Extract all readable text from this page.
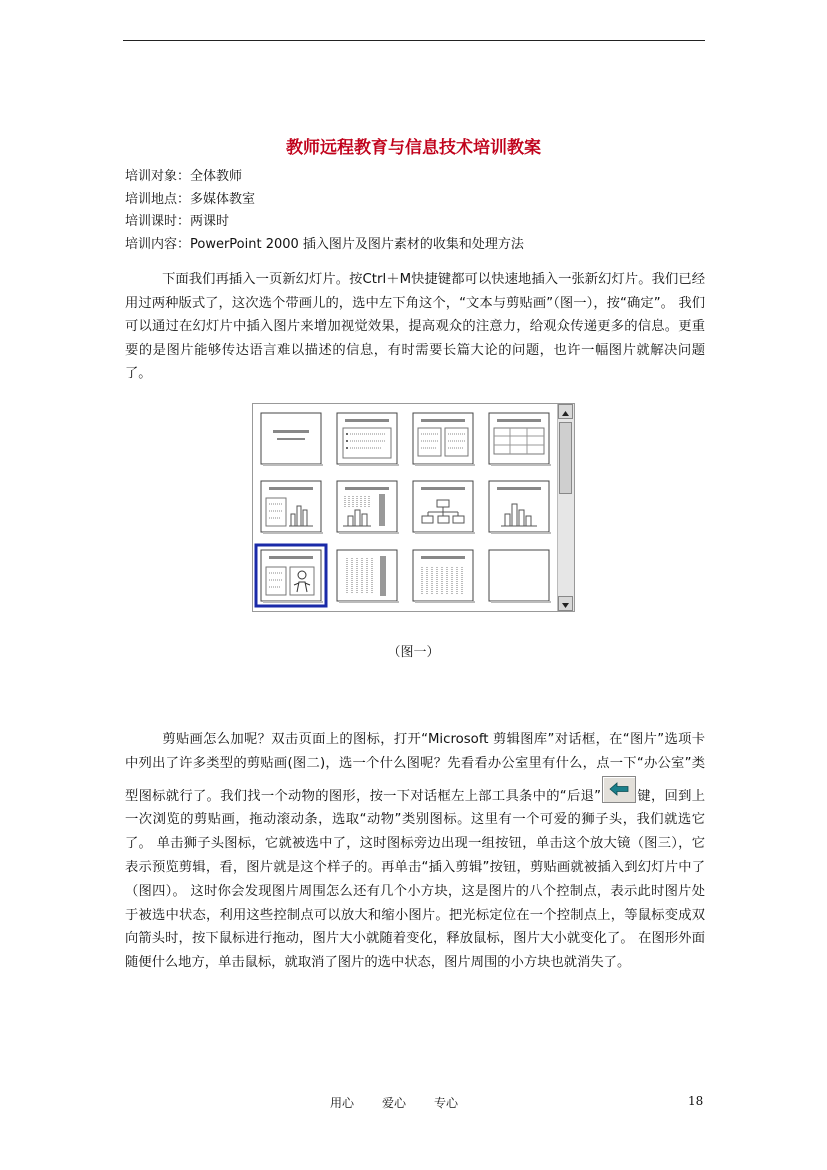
教师远程教育与信息技术培训教案
培训对象：全体教师
培训地点：多媒体教室
培训课时：两课时
培训内容：PowerPoint 2000 插入图片及图片素材的收集和处理方法
下面我们再插入一页新幻灯片。按Ctrl＋M快捷键都可以快速地插入一张新幻灯片。我们已经用过两种版式了，这次选个带画儿的，选中左下角这个，“文本与剪贴画”（图一），按“确定”。 我们可以通过在幻灯片中插入图片来增加视觉效果，提高观众的注意力，给观众传递更多的信息。更重要的是图片能够传达语言难以描述的信息，有时需要长篇大论的问题，也许一幅图片就解决问题了。
（图一）
剪贴画怎么加呢？双击页面上的图标，打开“Microsoft 剪辑图库”对话框，在“图片”选项卡中列出了许多类型的剪贴画(图二)，选一个什么图呢？先看看办公室里有什么，点一下“办公室”类型图标就行了。我们找一个动物的图形，按一下对话框左上部工具条中的“后退”	键，回到上一次浏览的剪贴画，拖动滚动条，选取“动物”类别图标。这里有一个可爱的狮子头，我们就选它了。 单击狮子头图标，它就被选中了，这时图标旁边出现一组按钮，单击这个放大镜（图三），它表示预览剪辑，看，图片就是这个样子的。再单击“插入剪辑”按钮，剪贴画就被插入到幻灯片中了（图四）。 这时你会发现图片周围怎么还有几个小方块，这是图片的八个控制点，表示此时图片处于被选中状态，利用这些控制点可以放大和缩小图片。把光标定位在一个控制点上，等鼠标变成双向箭头时，按下鼠标进行拖动，图片大小就随着变化，释放鼠标，图片大小就变化了。 在图形外面随便什么地方，单击鼠标，就取消了图片的选中状态，图片周围的小方块也就消失了。
用心 爱心 专心	18
